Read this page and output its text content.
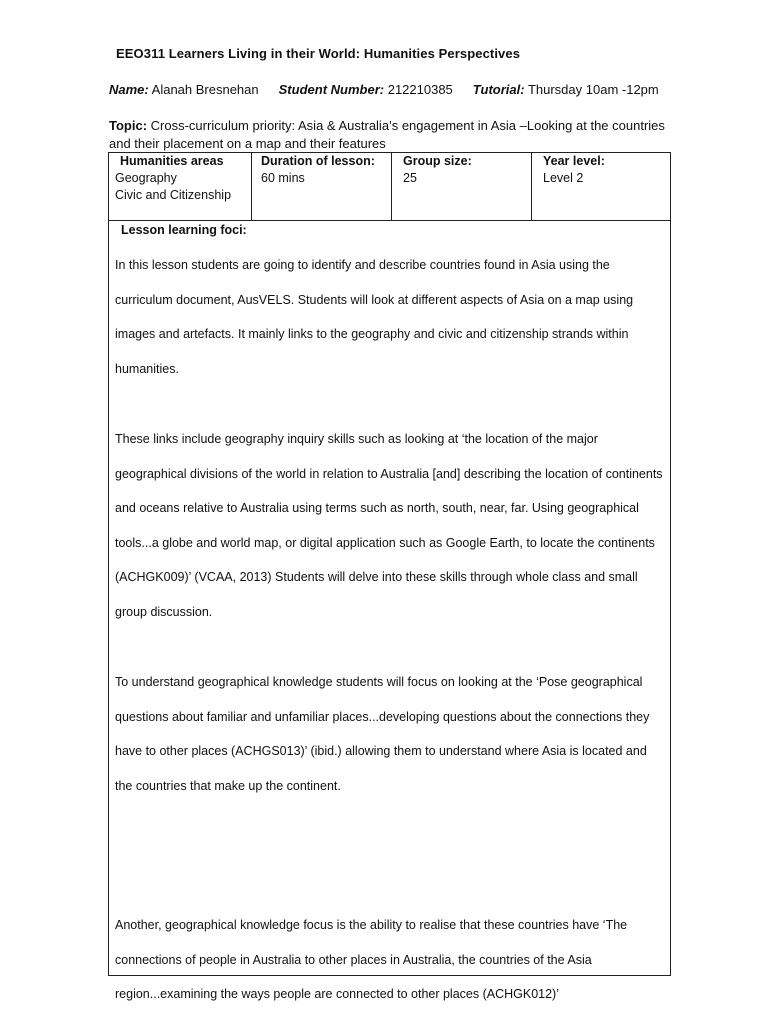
EEO311 Learners Living in their World: Humanities Perspectives
Name: Alanah Bresnehan Student Number: 212210385 Tutorial: Thursday 10am -12pm
Topic: Cross-curriculum priority: Asia & Australia’s engagement in Asia –Looking at the countries and their placement on a map and their features
Humanities areas
Geography
Civic and Citizenship
Duration of lesson:
60 mins
Group size:
25
Year level:
Level 2
Lesson learning foci:
In this lesson students are going to identify and describe countries found in Asia using the curriculum document, AusVELS. Students will look at different aspects of Asia on a map using images and artefacts. It mainly links to the geography and civic and citizenship strands within humanities.
These links include geography inquiry skills such as looking at ‘the location of the major geographical divisions of the world in relation to Australia [and] describing the location of continents and oceans relative to Australia using terms such as north, south, near, far. Using geographical tools...a globe and world map, or digital application such as Google Earth, to locate the continents (ACHGK009)’ (VCAA, 2013) Students will delve into these skills through whole class and small group discussion.
To understand geographical knowledge students will focus on looking at the ‘Pose geographical questions about familiar and unfamiliar places...developing questions about the connections they have to other places (ACHGS013)’ (ibid.) allowing them to understand where Asia is located and the countries that make up the continent.
Another, geographical knowledge focus is the ability to realise that these countries have ‘The connections of people in Australia to other places in Australia, the countries of the Asia region...examining the ways people are connected to other places (ACHGK012)’
